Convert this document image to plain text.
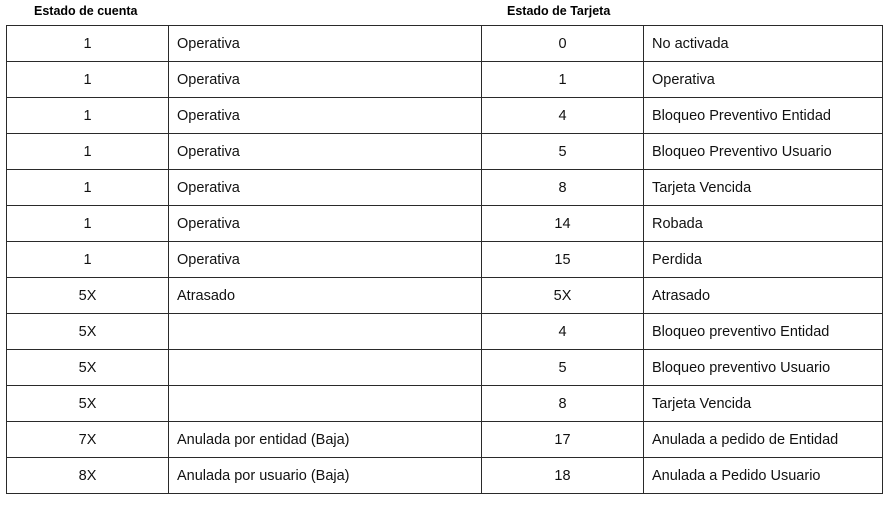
Estado de cuenta	Estado de Tarjeta
1	Operativa	0	No activada
1	Operativa	1	Operativa
1	Operativa	4	Bloqueo Preventivo Entidad
1	Operativa	5	Bloqueo Preventivo Usuario
1	Operativa	8	Tarjeta Vencida
1	Operativa	14	Robada
1	Operativa	15	Perdida
5X	Atrasado	5X	Atrasado
5X		4	Bloqueo preventivo Entidad
5X		5	Bloqueo preventivo Usuario
5X		8	Tarjeta Vencida
7X	Anulada por entidad (Baja)	17	Anulada a pedido de Entidad
8X	Anulada por usuario (Baja)	18	Anulada a Pedido Usuario
